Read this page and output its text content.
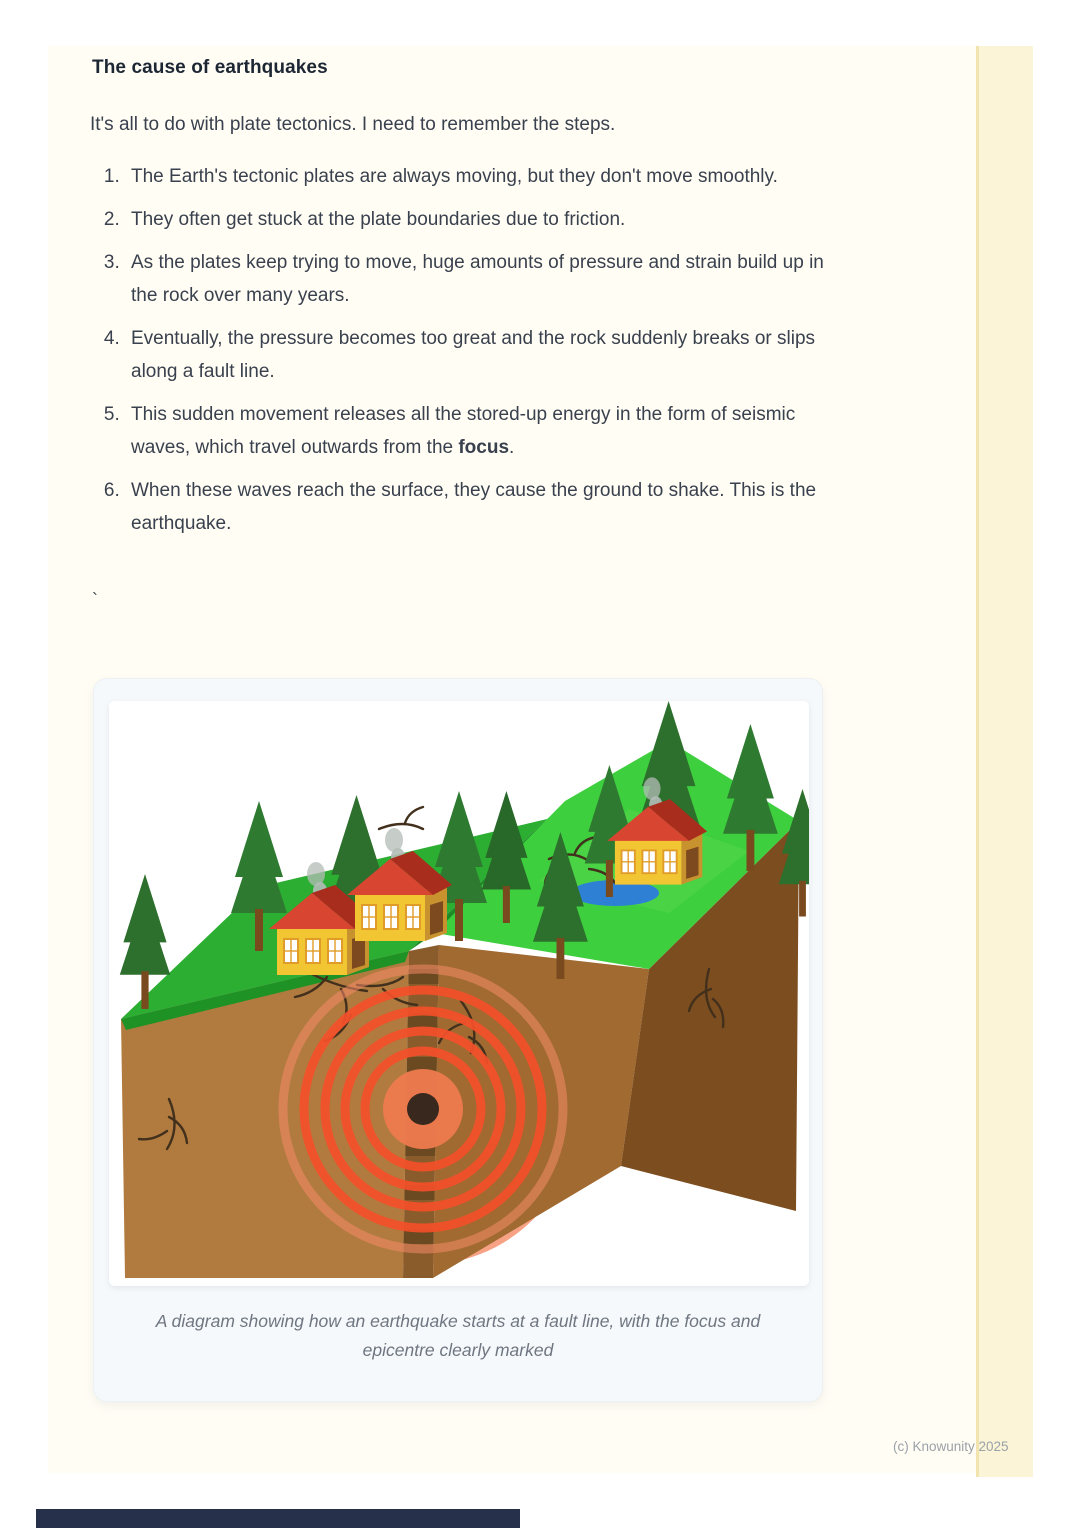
The cause of earthquakes
It's all to do with plate tectonics. I need to remember the steps.
1. The Earth's tectonic plates are always moving, but they don't move smoothly.
2. They often get stuck at the plate boundaries due to friction.
3. As the plates keep trying to move, huge amounts of pressure and strain build up in the rock over many years.
4. Eventually, the pressure becomes too great and the rock suddenly breaks or slips along a fault line.
5. This sudden movement releases all the stored-up energy in the form of seismic waves, which travel outwards from the focus.
6. When these waves reach the surface, they cause the ground to shake. This is the earthquake.
`
A diagram showing how an earthquake starts at a fault line, with the focus and epicentre clearly marked
(c) Knowunity 2025
